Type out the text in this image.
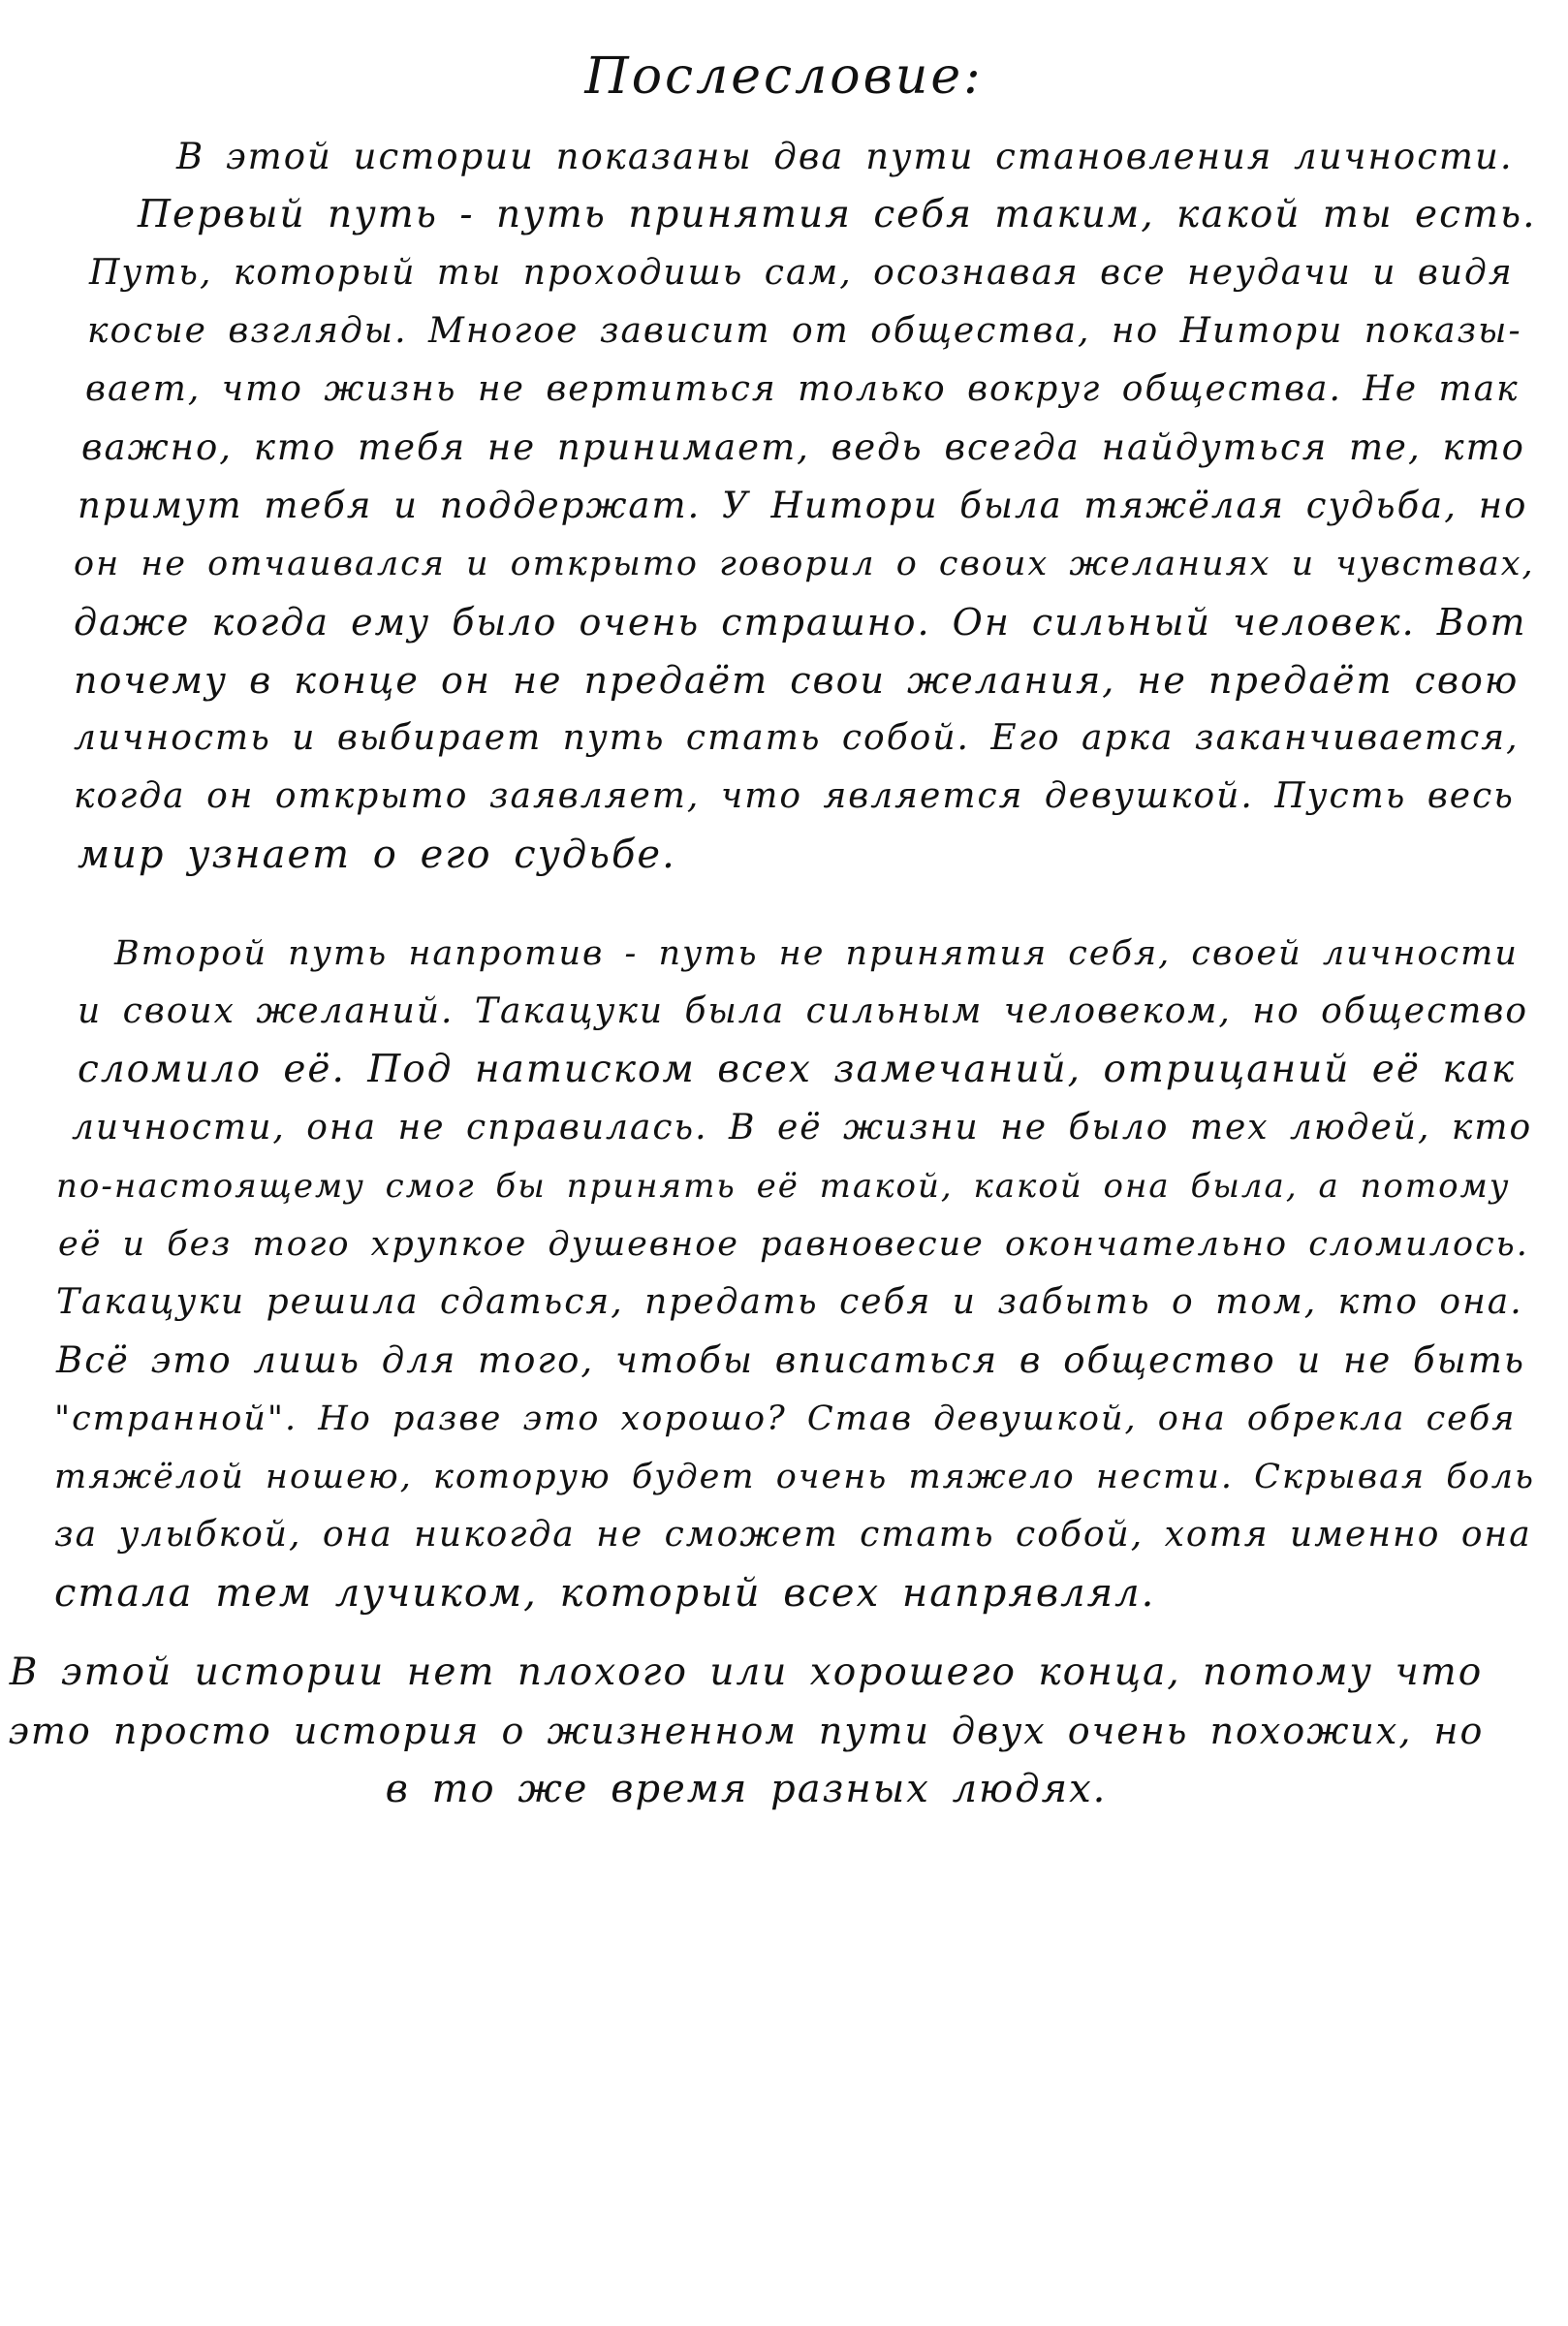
Послесловие:
В этой истории показаны два пути становления личности.
Первый путь - путь принятия себя таким, какой ты есть.
Путь, который ты проходишь сам, осознавая все неудачи и видя
косые взгляды. Многое зависит от общества, но Нитори показы-
вает, что жизнь не вертиться только вокруг общества. Не так
важно, кто тебя не принимает, ведь всегда найдуться те, кто
примут тебя и поддержат. У Нитори была тяжёлая судьба, но
он не отчаивался и открыто говорил о своих желаниях и чувствах,
даже когда ему было очень страшно. Он сильный человек. Вот
почему в конце он не предаёт свои желания, не предаёт свою
личность и выбирает путь стать собой. Его арка заканчивается,
когда он открыто заявляет, что является девушкой. Пусть весь
мир узнает о его судьбе.
Второй путь напротив - путь не принятия себя, своей личности
и своих желаний. Такацуки была сильным человеком, но общество
сломило её. Под натиском всех замечаний, отрицаний её как
личности, она не справилась. В её жизни не было тех людей, кто
по-настоящему смог бы принять её такой, какой она была, а потому
её и без того хрупкое душевное равновесие окончательно сломилось.
Такацуки решила сдаться, предать себя и забыть о том, кто она.
Всё это лишь для того, чтобы вписаться в общество и не быть
"странной". Но разве это хорошо? Став девушкой, она обрекла себя
тяжёлой ношею, которую будет очень тяжело нести. Скрывая боль
за улыбкой, она никогда не сможет стать собой, хотя именно она
стала тем лучиком, который всех напрявлял.
В этой истории нет плохого или хорошего конца, потому что
это просто история о жизненном пути двух очень похожих, но
в то же время разных людях.
